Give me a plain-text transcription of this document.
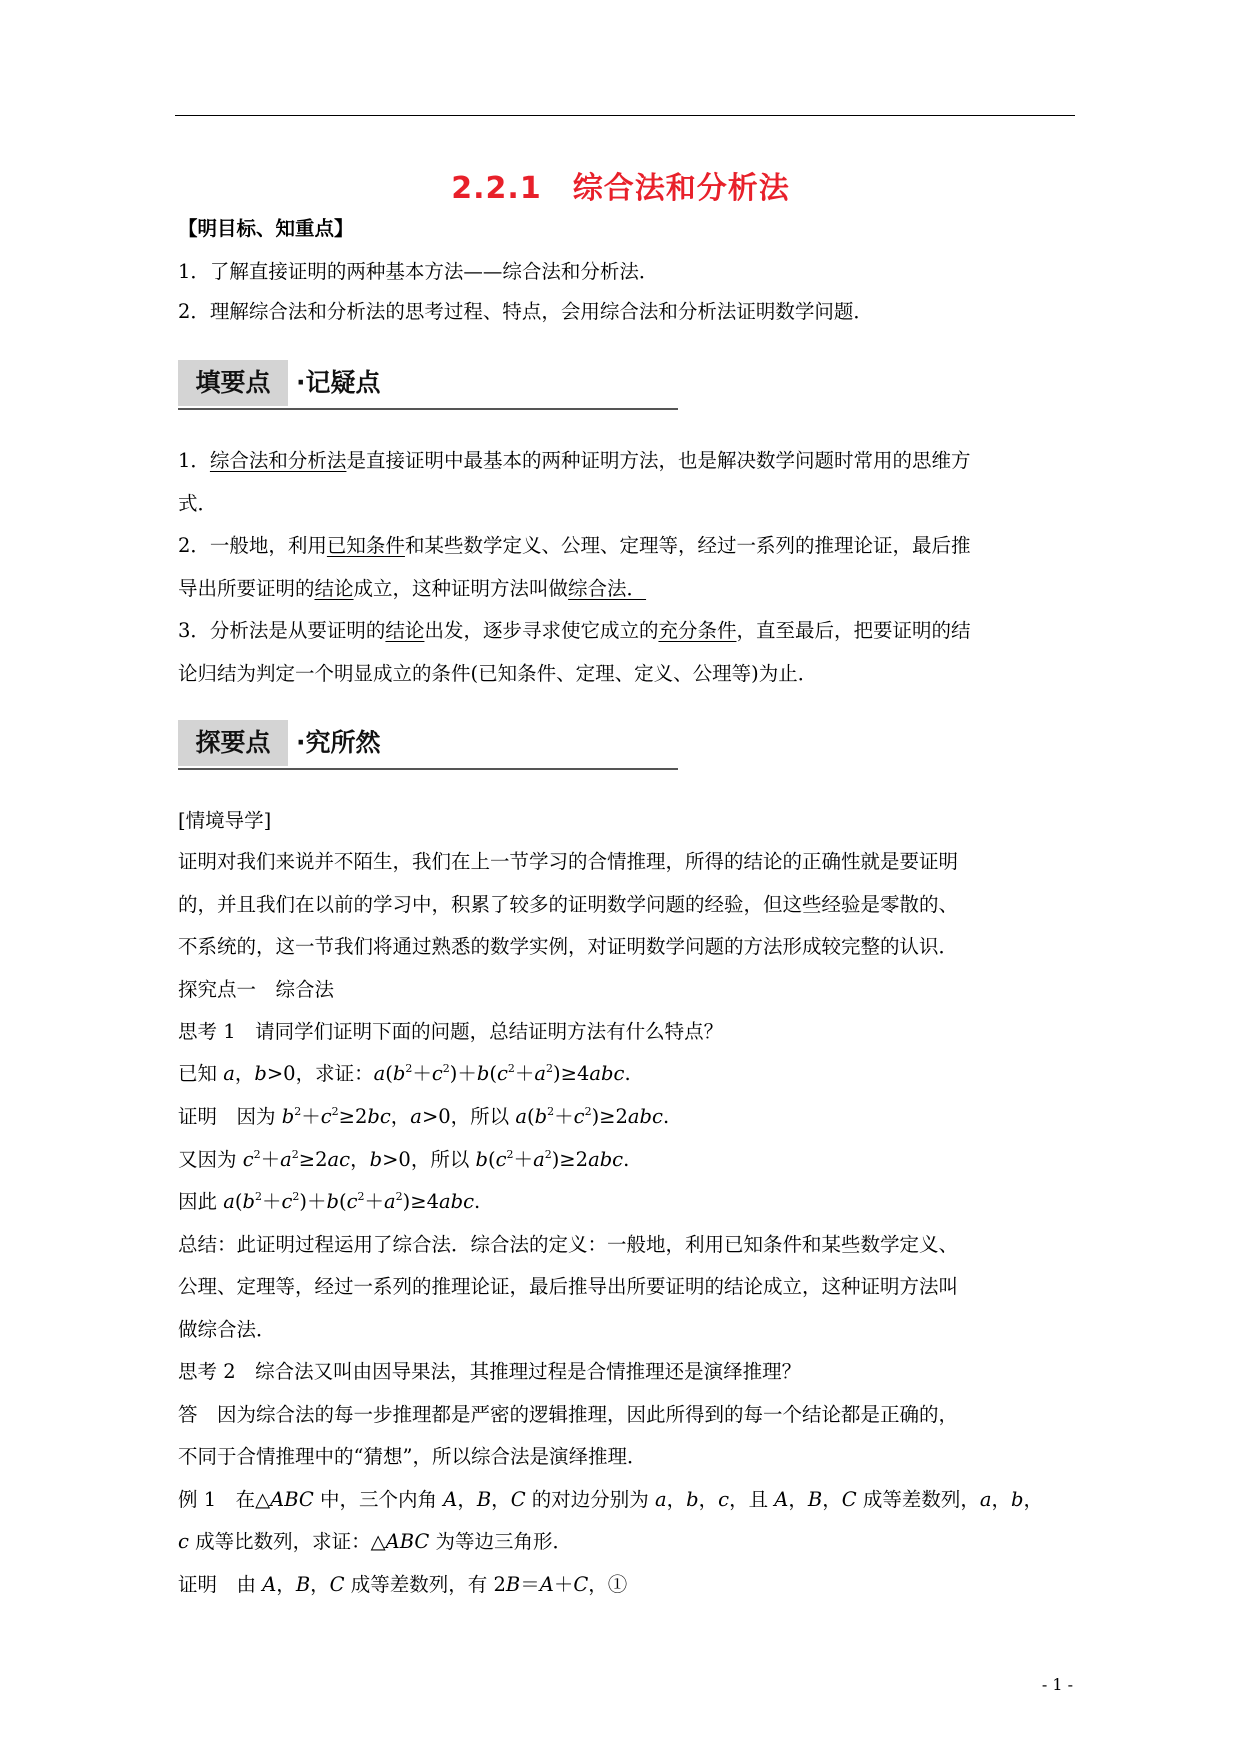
2.2.1　综合法和分析法
【明目标、知重点】
1．了解直接证明的两种基本方法——综合法和分析法．
2．理解综合法和分析法的思考过程、特点，会用综合法和分析法证明数学问题．
填要点	·记疑点
1．综合法和分析法是直接证明中最基本的两种证明方法，也是解决数学问题时常用的思维方
式．
2．一般地，利用已知条件和某些数学定义、公理、定理等，经过一系列的推理论证，最后推
导出所要证明的结论成立，这种证明方法叫做综合法．
3．分析法是从要证明的结论出发，逐步寻求使它成立的充分条件，直至最后，把要证明的结
论归结为判定一个明显成立的条件(已知条件、定理、定义、公理等)为止．
探要点	·究所然
[情境导学]
证明对我们来说并不陌生，我们在上一节学习的合情推理，所得的结论的正确性就是要证明
的，并且我们在以前的学习中，积累了较多的证明数学问题的经验，但这些经验是零散的、
不系统的，这一节我们将通过熟悉的数学实例，对证明数学问题的方法形成较完整的认识．
探究点一　综合法
思考 1　请同学们证明下面的问题，总结证明方法有什么特点？
已知 a，b>0，求证：$a(b^2+c^2)+b(c^2+a^2)\ge 4abc$.
证明　因为 $b^2+c^2\ge 2bc$，a>0，所以 $a(b^2+c^2)\ge 2abc$.
又因为 $c^2+a^2\ge 2ac$，b>0，所以 $b(c^2+a^2)\ge 2abc$.
因此 $a(b^2+c^2)+b(c^2+a^2)\ge 4abc$.
总结：此证明过程运用了综合法．综合法的定义：一般地，利用已知条件和某些数学定义、
公理、定理等，经过一系列的推理论证，最后推导出所要证明的结论成立，这种证明方法叫
做综合法．
思考 2　综合法又叫由因导果法，其推理过程是合情推理还是演绎推理？
答　因为综合法的每一步推理都是严密的逻辑推理，因此所得到的每一个结论都是正确的，
不同于合情推理中的“猜想”，所以综合法是演绎推理．
例 1　在△ABC 中，三个内角 A，B，C 的对边分别为 a，b，c，且 A，B，C 成等差数列，a，b，
c 成等比数列，求证：△ABC 为等边三角形．
证明　由 A，B，C 成等差数列，有 2B＝A＋C，①
- 1 -
